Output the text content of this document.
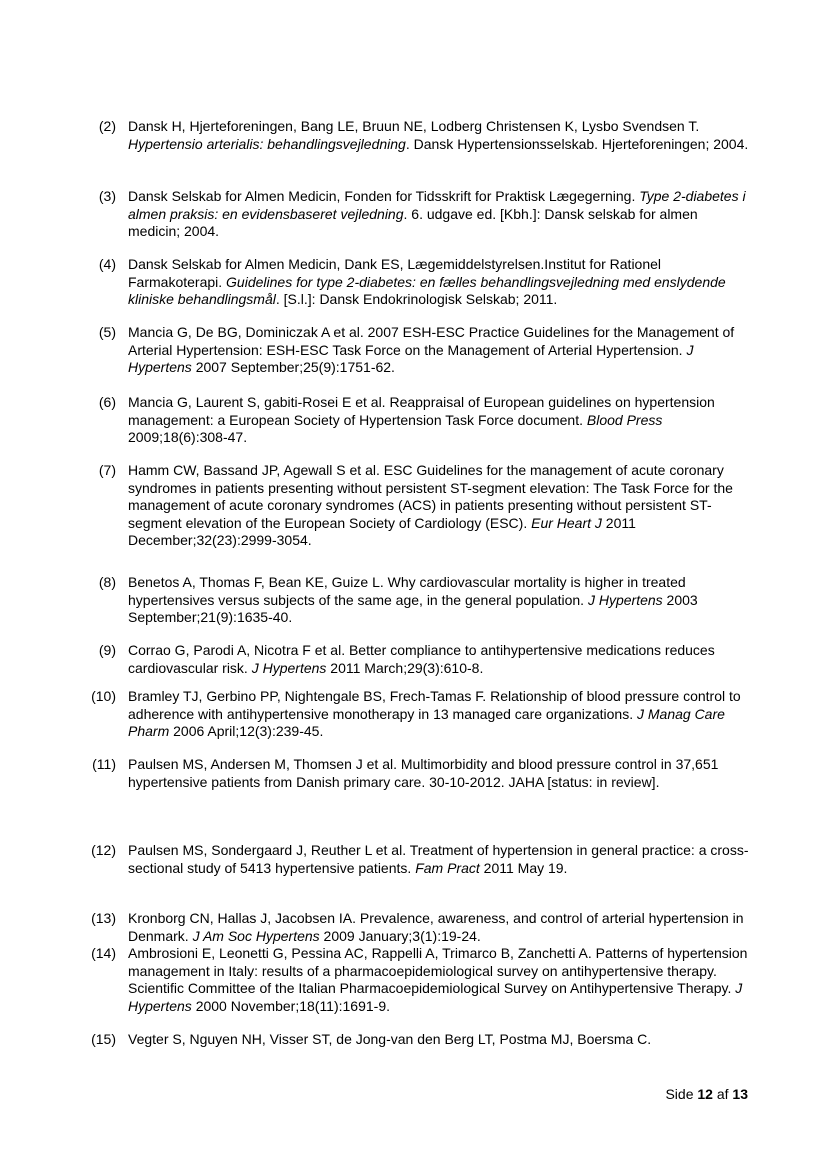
(2) Dansk H, Hjerteforeningen, Bang LE, Bruun NE, Lodberg Christensen K, Lysbo Svendsen T. Hypertensio arterialis: behandlingsvejledning. Dansk Hypertensionsselskab. Hjerteforeningen; 2004.
(3) Dansk Selskab for Almen Medicin, Fonden for Tidsskrift for Praktisk Lægegerning. Type 2-diabetes i almen praksis: en evidensbaseret vejledning. 6. udgave ed. [Kbh.]: Dansk selskab for almen medicin; 2004.
(4) Dansk Selskab for Almen Medicin, Dank ES, Lægemiddelstyrelsen.Institut for Rationel Farmakoterapi. Guidelines for type 2-diabetes: en fælles behandlingsvejledning med enslydende kliniske behandlingsmål. [S.l.]: Dansk Endokrinologisk Selskab; 2011.
(5) Mancia G, De BG, Dominiczak A et al. 2007 ESH-ESC Practice Guidelines for the Management of Arterial Hypertension: ESH-ESC Task Force on the Management of Arterial Hypertension. J Hypertens 2007 September;25(9):1751-62.
(6) Mancia G, Laurent S, gabiti-Rosei E et al. Reappraisal of European guidelines on hypertension management: a European Society of Hypertension Task Force document. Blood Press 2009;18(6):308-47.
(7) Hamm CW, Bassand JP, Agewall S et al. ESC Guidelines for the management of acute coronary syndromes in patients presenting without persistent ST-segment elevation: The Task Force for the management of acute coronary syndromes (ACS) in patients presenting without persistent ST-segment elevation of the European Society of Cardiology (ESC). Eur Heart J 2011 December;32(23):2999-3054.
(8) Benetos A, Thomas F, Bean KE, Guize L. Why cardiovascular mortality is higher in treated hypertensives versus subjects of the same age, in the general population. J Hypertens 2003 September;21(9):1635-40.
(9) Corrao G, Parodi A, Nicotra F et al. Better compliance to antihypertensive medications reduces cardiovascular risk. J Hypertens 2011 March;29(3):610-8.
(10) Bramley TJ, Gerbino PP, Nightengale BS, Frech-Tamas F. Relationship of blood pressure control to adherence with antihypertensive monotherapy in 13 managed care organizations. J Manag Care Pharm 2006 April;12(3):239-45.
(11) Paulsen MS, Andersen M, Thomsen J et al. Multimorbidity and blood pressure control in 37,651 hypertensive patients from Danish primary care. 30-10-2012. JAHA [status: in review].
(12) Paulsen MS, Sondergaard J, Reuther L et al. Treatment of hypertension in general practice: a cross-sectional study of 5413 hypertensive patients. Fam Pract 2011 May 19.
(13) Kronborg CN, Hallas J, Jacobsen IA. Prevalence, awareness, and control of arterial hypertension in Denmark. J Am Soc Hypertens 2009 January;3(1):19-24.
(14) Ambrosioni E, Leonetti G, Pessina AC, Rappelli A, Trimarco B, Zanchetti A. Patterns of hypertension management in Italy: results of a pharmacoepidemiological survey on antihypertensive therapy. Scientific Committee of the Italian Pharmacoepidemiological Survey on Antihypertensive Therapy. J Hypertens 2000 November;18(11):1691-9.
(15) Vegter S, Nguyen NH, Visser ST, de Jong-van den Berg LT, Postma MJ, Boersma C.
Side 12 af 13
